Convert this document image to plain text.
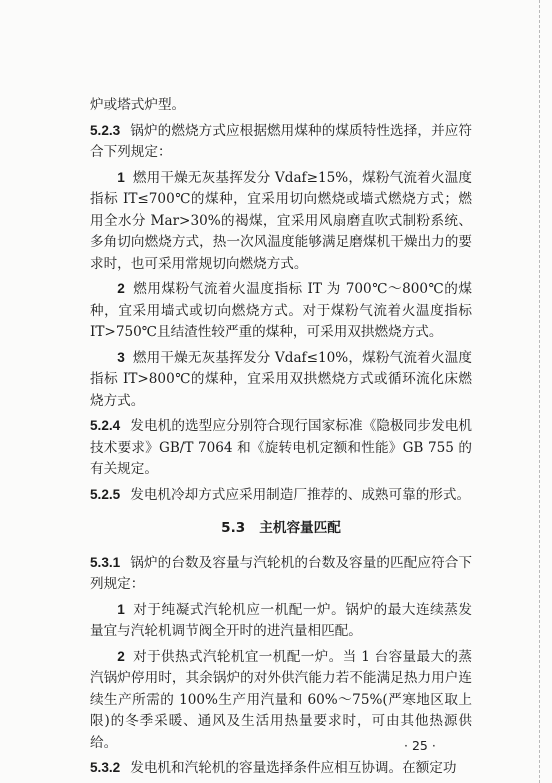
炉或塔式炉型。

5.2.3 锅炉的燃烧方式应根据燃用煤种的煤质特性选择，并应符合下列规定：

1 燃用干燥无灰基挥发分 Vdaf≥15%，煤粉气流着火温度指标 IT≤700℃的煤种，宜采用切向燃烧或墙式燃烧方式；燃用全水分 Mar>30%的褐煤，宜采用风扇磨直吹式制粉系统、多角切向燃烧方式，热一次风温度能够满足磨煤机干燥出力的要求时，也可采用常规切向燃烧方式。

2 燃用煤粉气流着火温度指标 IT 为 700℃～800℃的煤种，宜采用墙式或切向燃烧方式。对于煤粉气流着火温度指标 IT>750℃且结渣性较严重的煤种，可采用双拱燃烧方式。

3 燃用干燥无灰基挥发分 Vdaf≤10%，煤粉气流着火温度指标 IT>800℃的煤种，宜采用双拱燃烧方式或循环流化床燃烧方式。

5.2.4 发电机的选型应分别符合现行国家标准《隐极同步发电机技术要求》GB/T 7064 和《旋转电机定额和性能》GB 755 的有关规定。

5.2.5 发电机冷却方式应采用制造厂推荐的、成熟可靠的形式。

5.3 主机容量匹配

5.3.1 锅炉的台数及容量与汽轮机的台数及容量的匹配应符合下列规定：

1 对于纯凝式汽轮机应一机配一炉。锅炉的最大连续蒸发量宜与汽轮机调节阀全开时的进汽量相匹配。

2 对于供热式汽轮机宜一机配一炉。当 1 台容量最大的蒸汽锅炉停用时，其余锅炉的对外供汽能力若不能满足热力用户连续生产所需的 100%生产用汽量和 60%～75%(严寒地区取上限)的冬季采暖、通风及生活用热量要求时，可由其他热源供给。

5.3.2 发电机和汽轮机的容量选择条件应相互协调。在额定功

· 25 ·
